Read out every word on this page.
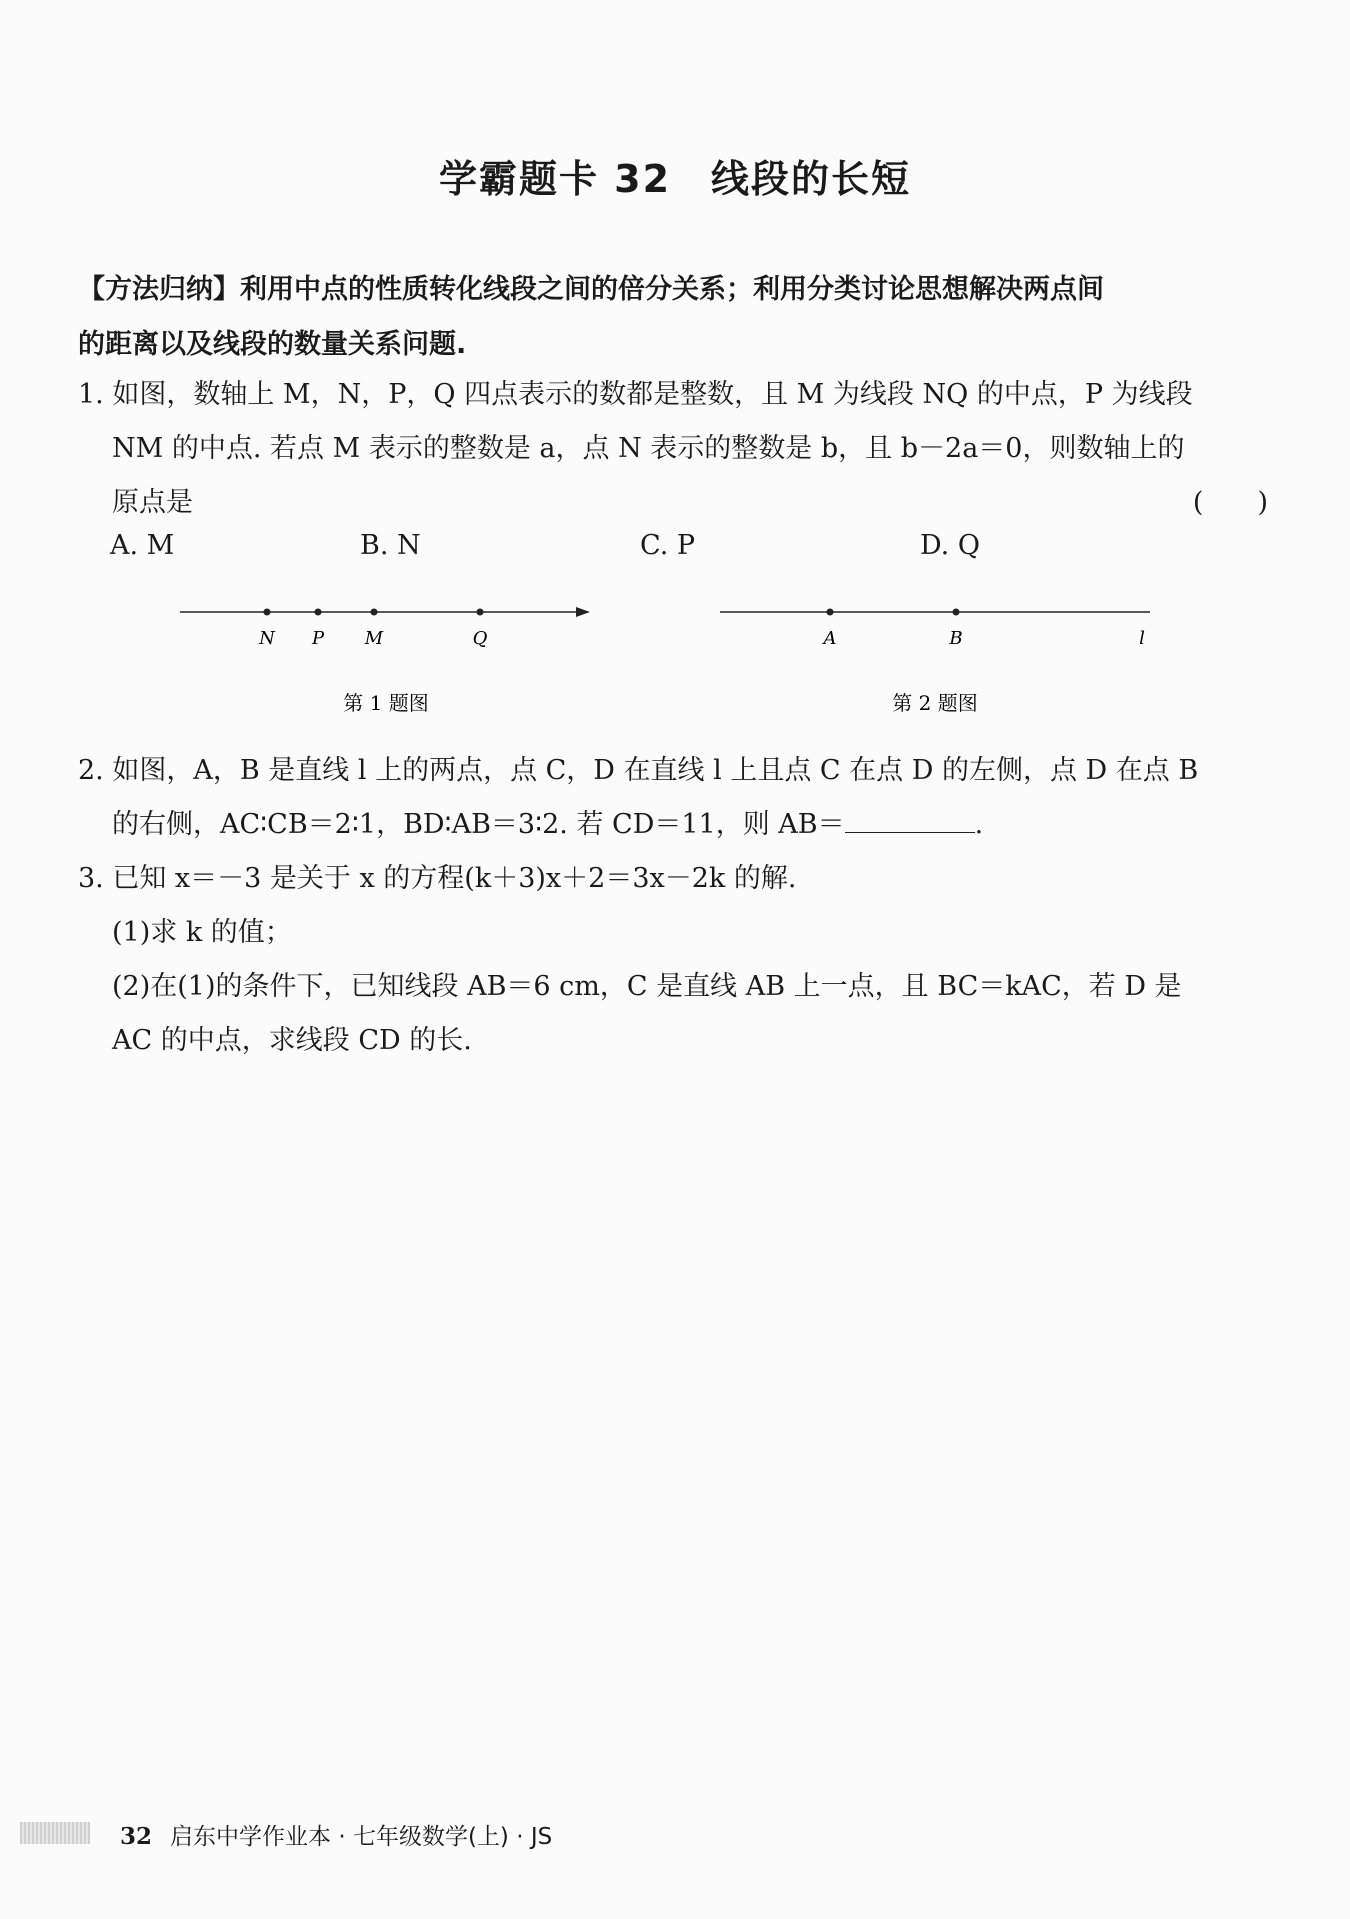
学霸题卡 32　线段的长短
【方法归纳】利用中点的性质转化线段之间的倍分关系；利用分类讨论思想解决两点间
的距离以及线段的数量关系问题.
1. 如图，数轴上 M，N，P，Q 四点表示的数都是整数，且 M 为线段 NQ 的中点，P 为线段
NM 的中点. 若点 M 表示的整数是 a，点 N 表示的整数是 b，且 b－2a＝0，则数轴上的
原点是	(　　)
A. M	B. N	C. P	D. Q
N P M	Q
第 1 题图
A	B	l
第 2 题图
2. 如图，A，B 是直线 l 上的两点，点 C，D 在直线 l 上且点 C 在点 D 的左侧，点 D 在点 B
的右侧，AC∶CB＝2∶1，BD∶AB＝3∶2. 若 CD＝11，则 AB＝	.
3. 已知 x＝－3 是关于 x 的方程(k＋3)x＋2＝3x－2k 的解.
(1)求 k 的值；
(2)在(1)的条件下，已知线段 AB＝6 cm，C 是直线 AB 上一点，且 BC＝kAC，若 D 是
AC 的中点，求线段 CD 的长.
32 启东中学作业本 · 七年级数学(上) · JS
